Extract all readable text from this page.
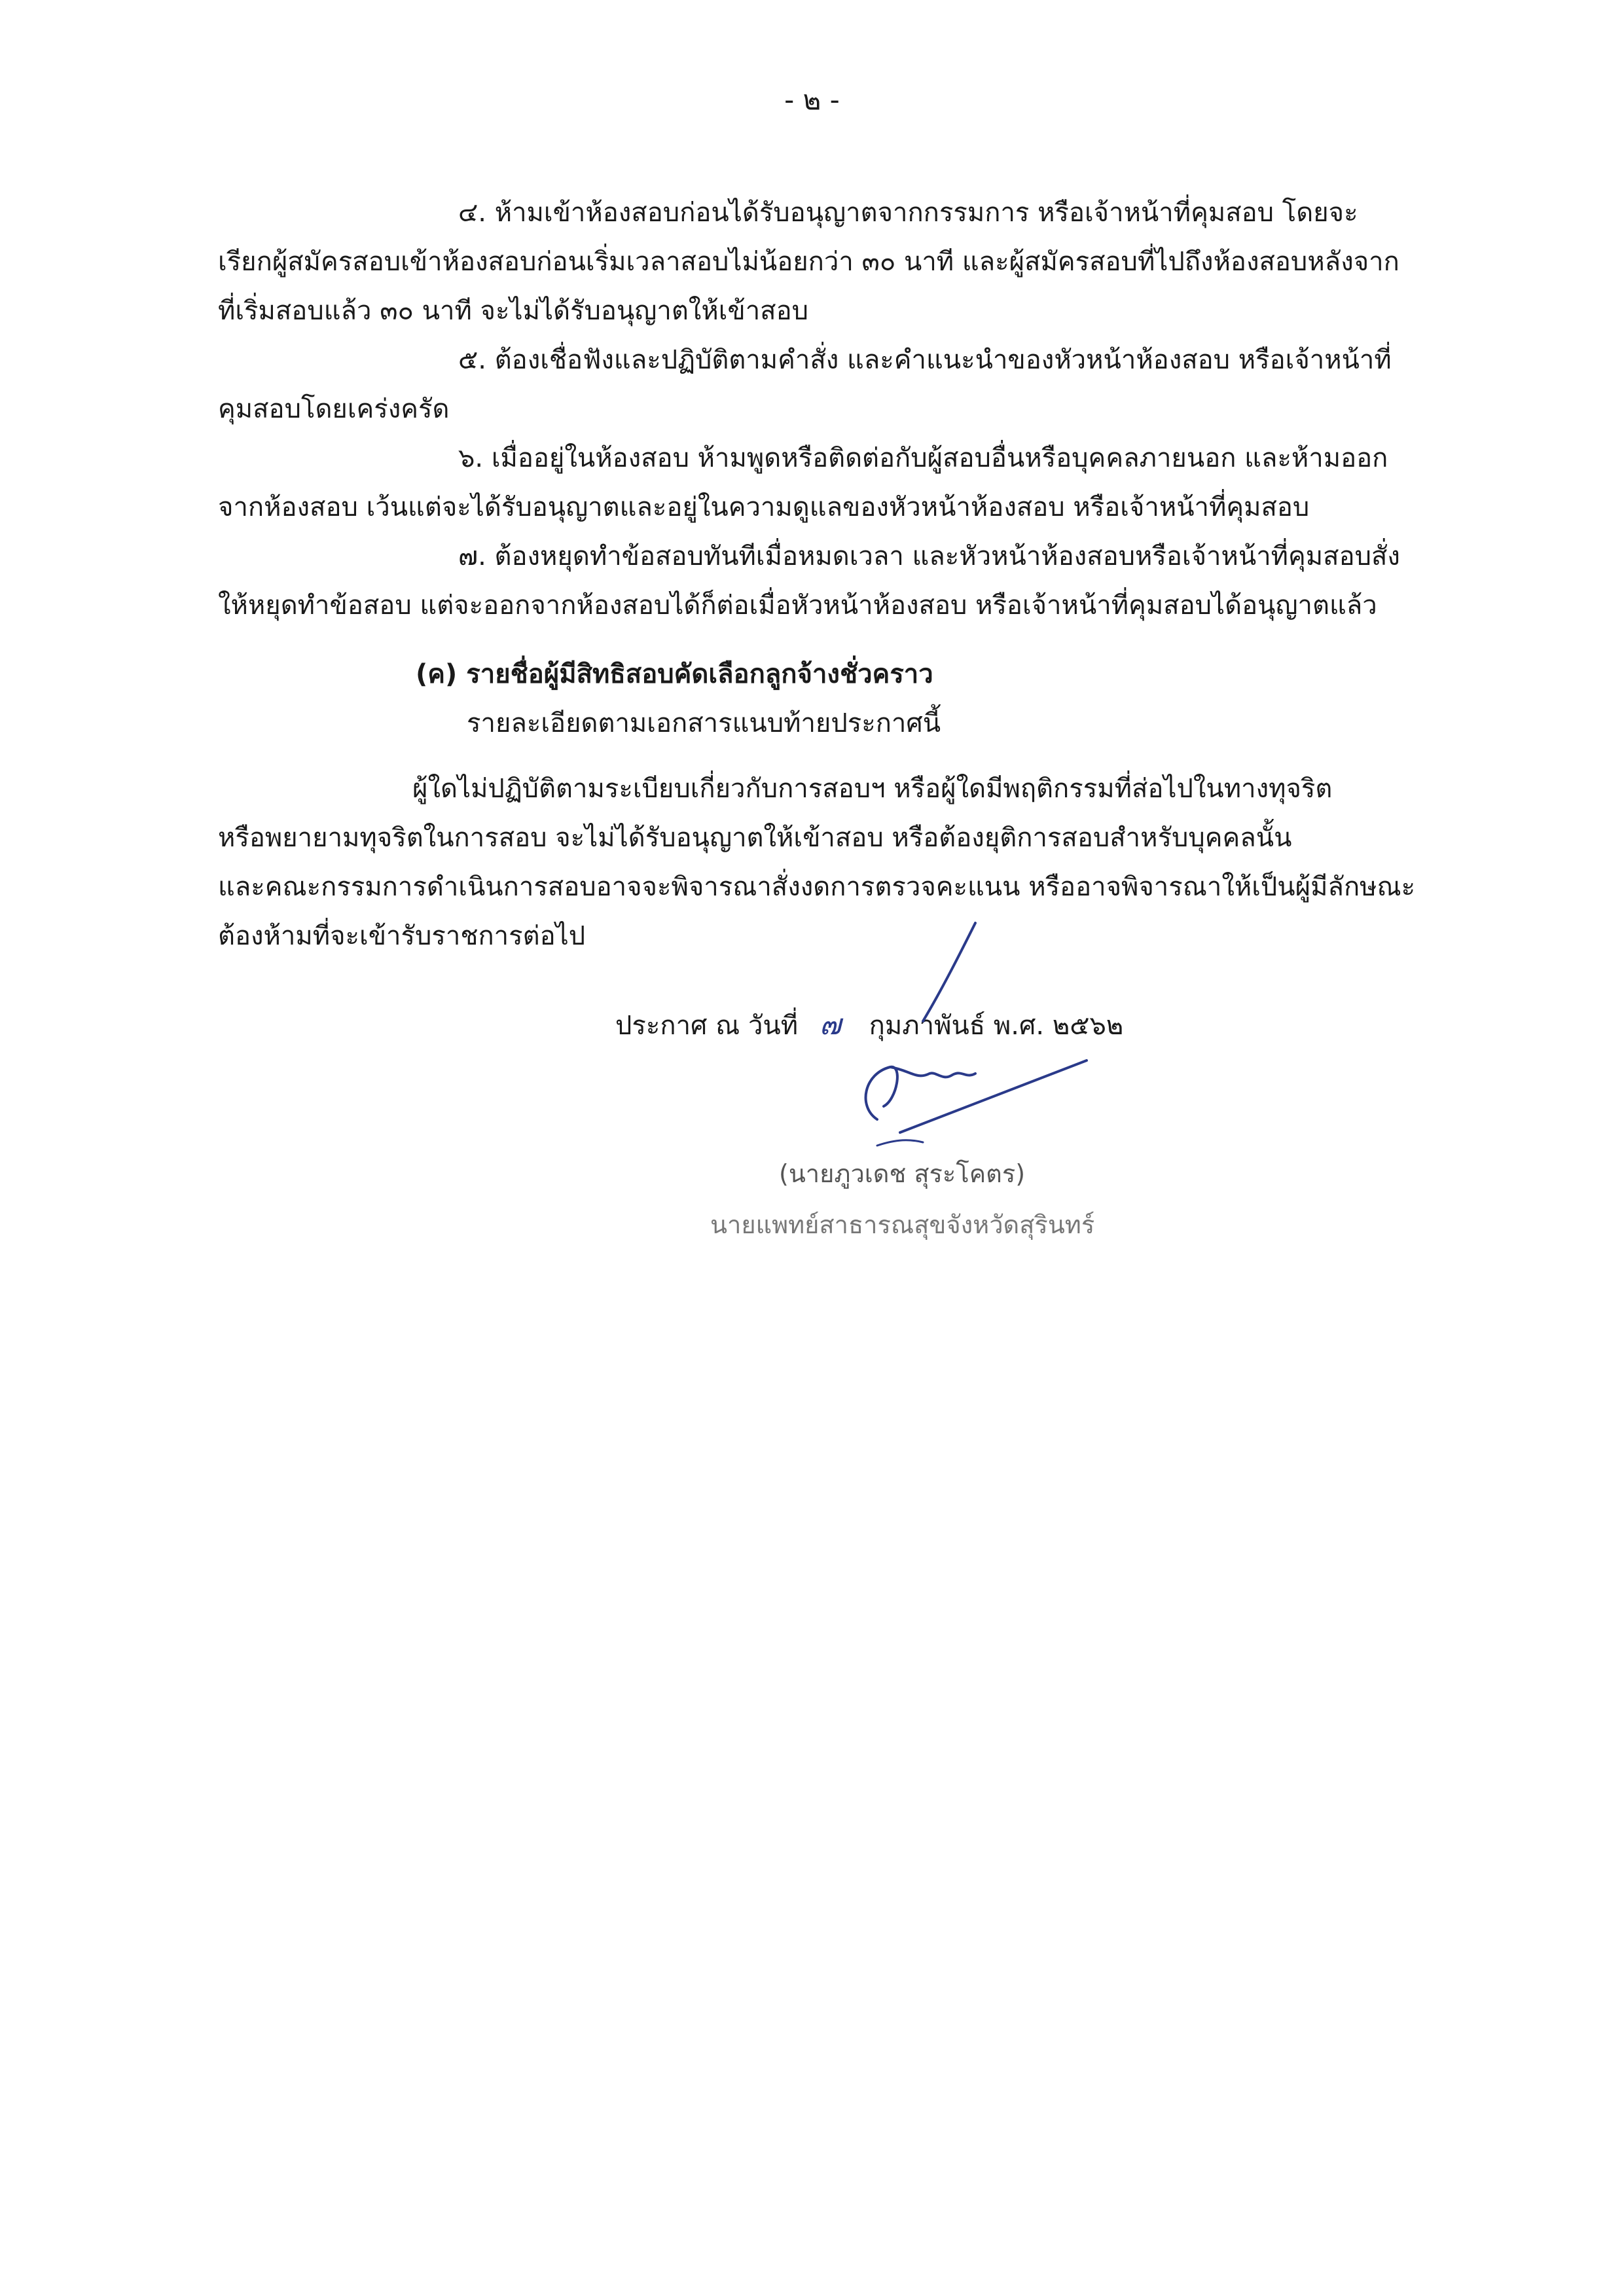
- ๒ -
๔. ห้ามเข้าห้องสอบก่อนได้รับอนุญาตจากกรรมการ หรือเจ้าหน้าที่คุมสอบ โดยจะ
เรียกผู้สมัครสอบเข้าห้องสอบก่อนเริ่มเวลาสอบไม่น้อยกว่า ๓๐ นาที และผู้สมัครสอบที่ไปถึงห้องสอบหลังจาก
ที่เริ่มสอบแล้ว ๓๐ นาที จะไม่ได้รับอนุญาตให้เข้าสอบ
๕. ต้องเชื่อฟังและปฏิบัติตามคำสั่ง และคำแนะนำของหัวหน้าห้องสอบ หรือเจ้าหน้าที่
คุมสอบโดยเคร่งครัด
๖. เมื่ออยู่ในห้องสอบ ห้ามพูดหรือติดต่อกับผู้สอบอื่นหรือบุคคลภายนอก และห้ามออก
จากห้องสอบ เว้นแต่จะได้รับอนุญาตและอยู่ในความดูแลของหัวหน้าห้องสอบ หรือเจ้าหน้าที่คุมสอบ
๗. ต้องหยุดทำข้อสอบทันทีเมื่อหมดเวลา และหัวหน้าห้องสอบหรือเจ้าหน้าที่คุมสอบสั่ง
ให้หยุดทำข้อสอบ แต่จะออกจากห้องสอบได้ก็ต่อเมื่อหัวหน้าห้องสอบ หรือเจ้าหน้าที่คุมสอบได้อนุญาตแล้ว
(ค) รายชื่อผู้มีสิทธิสอบคัดเลือกลูกจ้างชั่วคราว
รายละเอียดตามเอกสารแนบท้ายประกาศนี้
ผู้ใดไม่ปฏิบัติตามระเบียบเกี่ยวกับการสอบฯ หรือผู้ใดมีพฤติกรรมที่ส่อไปในทางทุจริต
หรือพยายามทุจริตในการสอบ จะไม่ได้รับอนุญาตให้เข้าสอบ หรือต้องยุติการสอบสำหรับบุคคลนั้น
และคณะกรรมการดำเนินการสอบอาจจะพิจารณาสั่งงดการตรวจคะแนน หรืออาจพิจารณาให้เป็นผู้มีลักษณะ
ต้องห้ามที่จะเข้ารับราชการต่อไป
ประกาศ ณ วันที่ ๗ กุมภาพันธ์ พ.ศ. ๒๕๖๒
(นายภูวเดช สุระโคตร)
นายแพทย์สาธารณสุขจังหวัดสุรินทร์
